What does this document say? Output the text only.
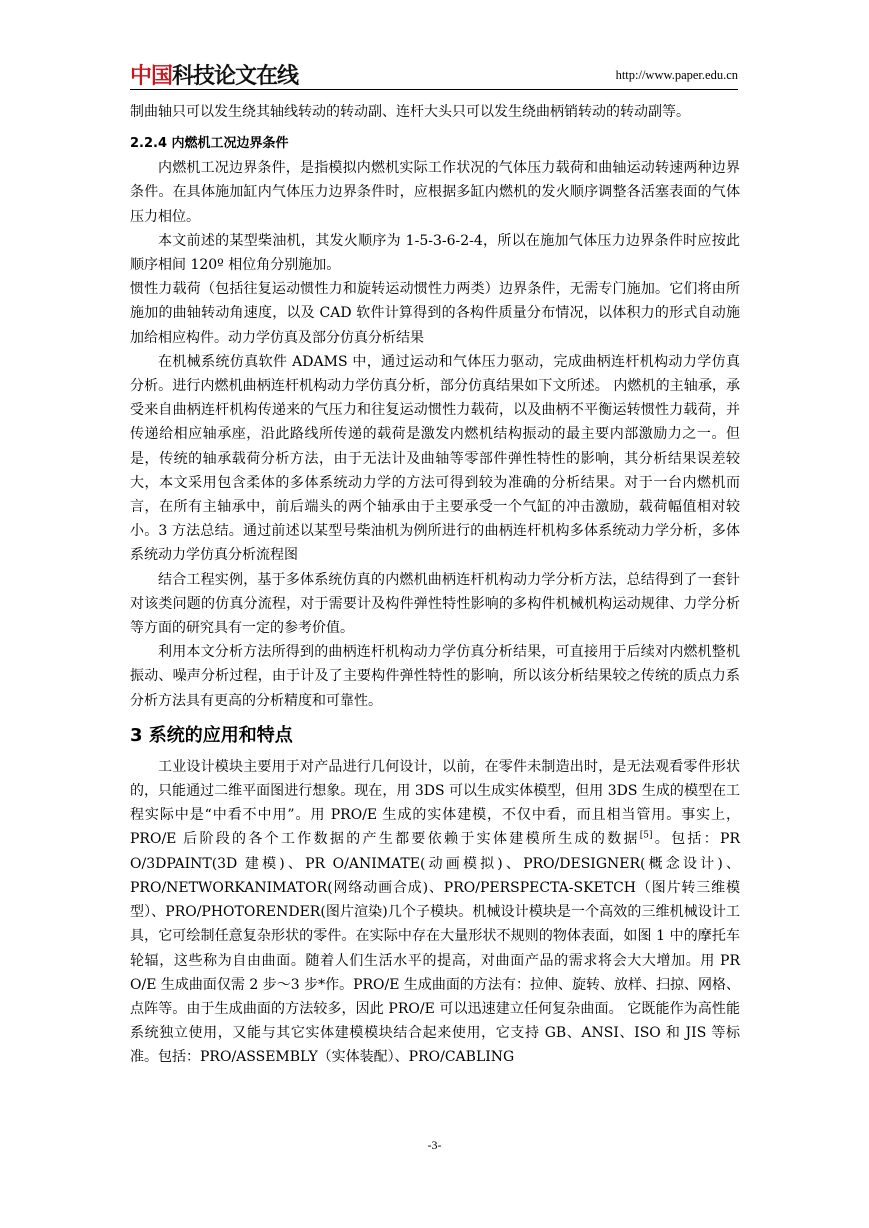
中国 科技论文在线	http://www.paper.edu.cn

制曲轴只可以发生绕其轴线转动的转动副、连杆大头只可以发生绕曲柄销转动的转动副等。

2.2.4 内燃机工况边界条件

内燃机工况边界条件，是指模拟内燃机实际工作状况的气体压力载荷和曲轴运动转速两种边界条件。在具体施加缸内气体压力边界条件时，应根据多缸内燃机的发火顺序调整各活塞表面的气体压力相位。

本文前述的某型柴油机，其发火顺序为 1-5-3-6-2-4，所以在施加气体压力边界条件时应按此顺序相间 120º 相位角分别施加。

惯性力载荷（包括往复运动惯性力和旋转运动惯性力两类）边界条件，无需专门施加。它们将由所施加的曲轴转动角速度，以及 CAD 软件计算得到的各构件质量分布情况，以体积力的形式自动施加给相应构件。动力学仿真及部分仿真分析结果

在机械系统仿真软件 ADAMS 中，通过运动和气体压力驱动，完成曲柄连杆机构动力学仿真分析。进行内燃机曲柄连杆机构动力学仿真分析，部分仿真结果如下文所述。 内燃机的主轴承，承受来自曲柄连杆机构传递来的气压力和往复运动惯性力载荷，以及曲柄不平衡运转惯性力载荷，并传递给相应轴承座，沿此路线所传递的载荷是激发内燃机结构振动的最主要内部激励力之一。但是，传统的轴承载荷分析方法，由于无法计及曲轴等零部件弹性特性的影响，其分析结果误差较大，本文采用包含柔体的多体系统动力学的方法可得到较为准确的分析结果。对于一台内燃机而言，在所有主轴承中，前后端头的两个轴承由于主要承受一个气缸的冲击激励，载荷幅值相对较小。3 方法总结。通过前述以某型号柴油机为例所进行的曲柄连杆机构多体系统动力学分析，多体系统动力学仿真分析流程图

结合工程实例，基于多体系统仿真的内燃机曲柄连杆机构动力学分析方法，总结得到了一套针对该类问题的仿真分流程，对于需要计及构件弹性特性影响的多构件机械机构运动规律、力学分析等方面的研究具有一定的参考价值。

利用本文分析方法所得到的曲柄连杆机构动力学仿真分析结果，可直接用于后续对内燃机整机振动、噪声分析过程，由于计及了主要构件弹性特性的影响，所以该分析结果较之传统的质点力系分析方法具有更高的分析精度和可靠性。

3 系统的应用和特点

工业设计模块主要用于对产品进行几何设计，以前，在零件未制造出时，是无法观看零件形状的，只能通过二维平面图进行想象。现在，用 3DS 可以生成实体模型，但用 3DS 生成的模型在工程实际中是“中看不中用”。用 PRO/E 生成的实体建模，不仅中看，而且相当管用。事实上，PRO/E 后阶段的各个工作数据的产生都要依赖于实体建模所生成的数据[5]。包括：PR O/3DPAINT(3D 建模)、PR O/ANIMATE(动画模拟)、PRO/DESIGNER(概念设计)、PRO/NETWORKANIMATOR(网络动画合成)、PRO/PERSPECTA-SKETCH（图片转三维模型）、PRO/PHOTORENDER(图片渲染)几个子模块。机械设计模块是一个高效的三维机械设计工具，它可绘制任意复杂形状的零件。在实际中存在大量形状不规则的物体表面，如图 1 中的摩托车轮辐，这些称为自由曲面。随着人们生活水平的提高，对曲面产品的需求将会大大增加。用 PR O/E 生成曲面仅需 2 步～3 步*作。PRO/E 生成曲面的方法有：拉伸、旋转、放样、扫掠、网格、点阵等。由于生成曲面的方法较多，因此 PRO/E 可以迅速建立任何复杂曲面。 它既能作为高性能系统独立使用，又能与其它实体建模模块结合起来使用，它支持 GB、ANSI、ISO 和 JIS 等标准。包括：PRO/ASSEMBLY（实体装配）、PRO/CABLING

-3-
